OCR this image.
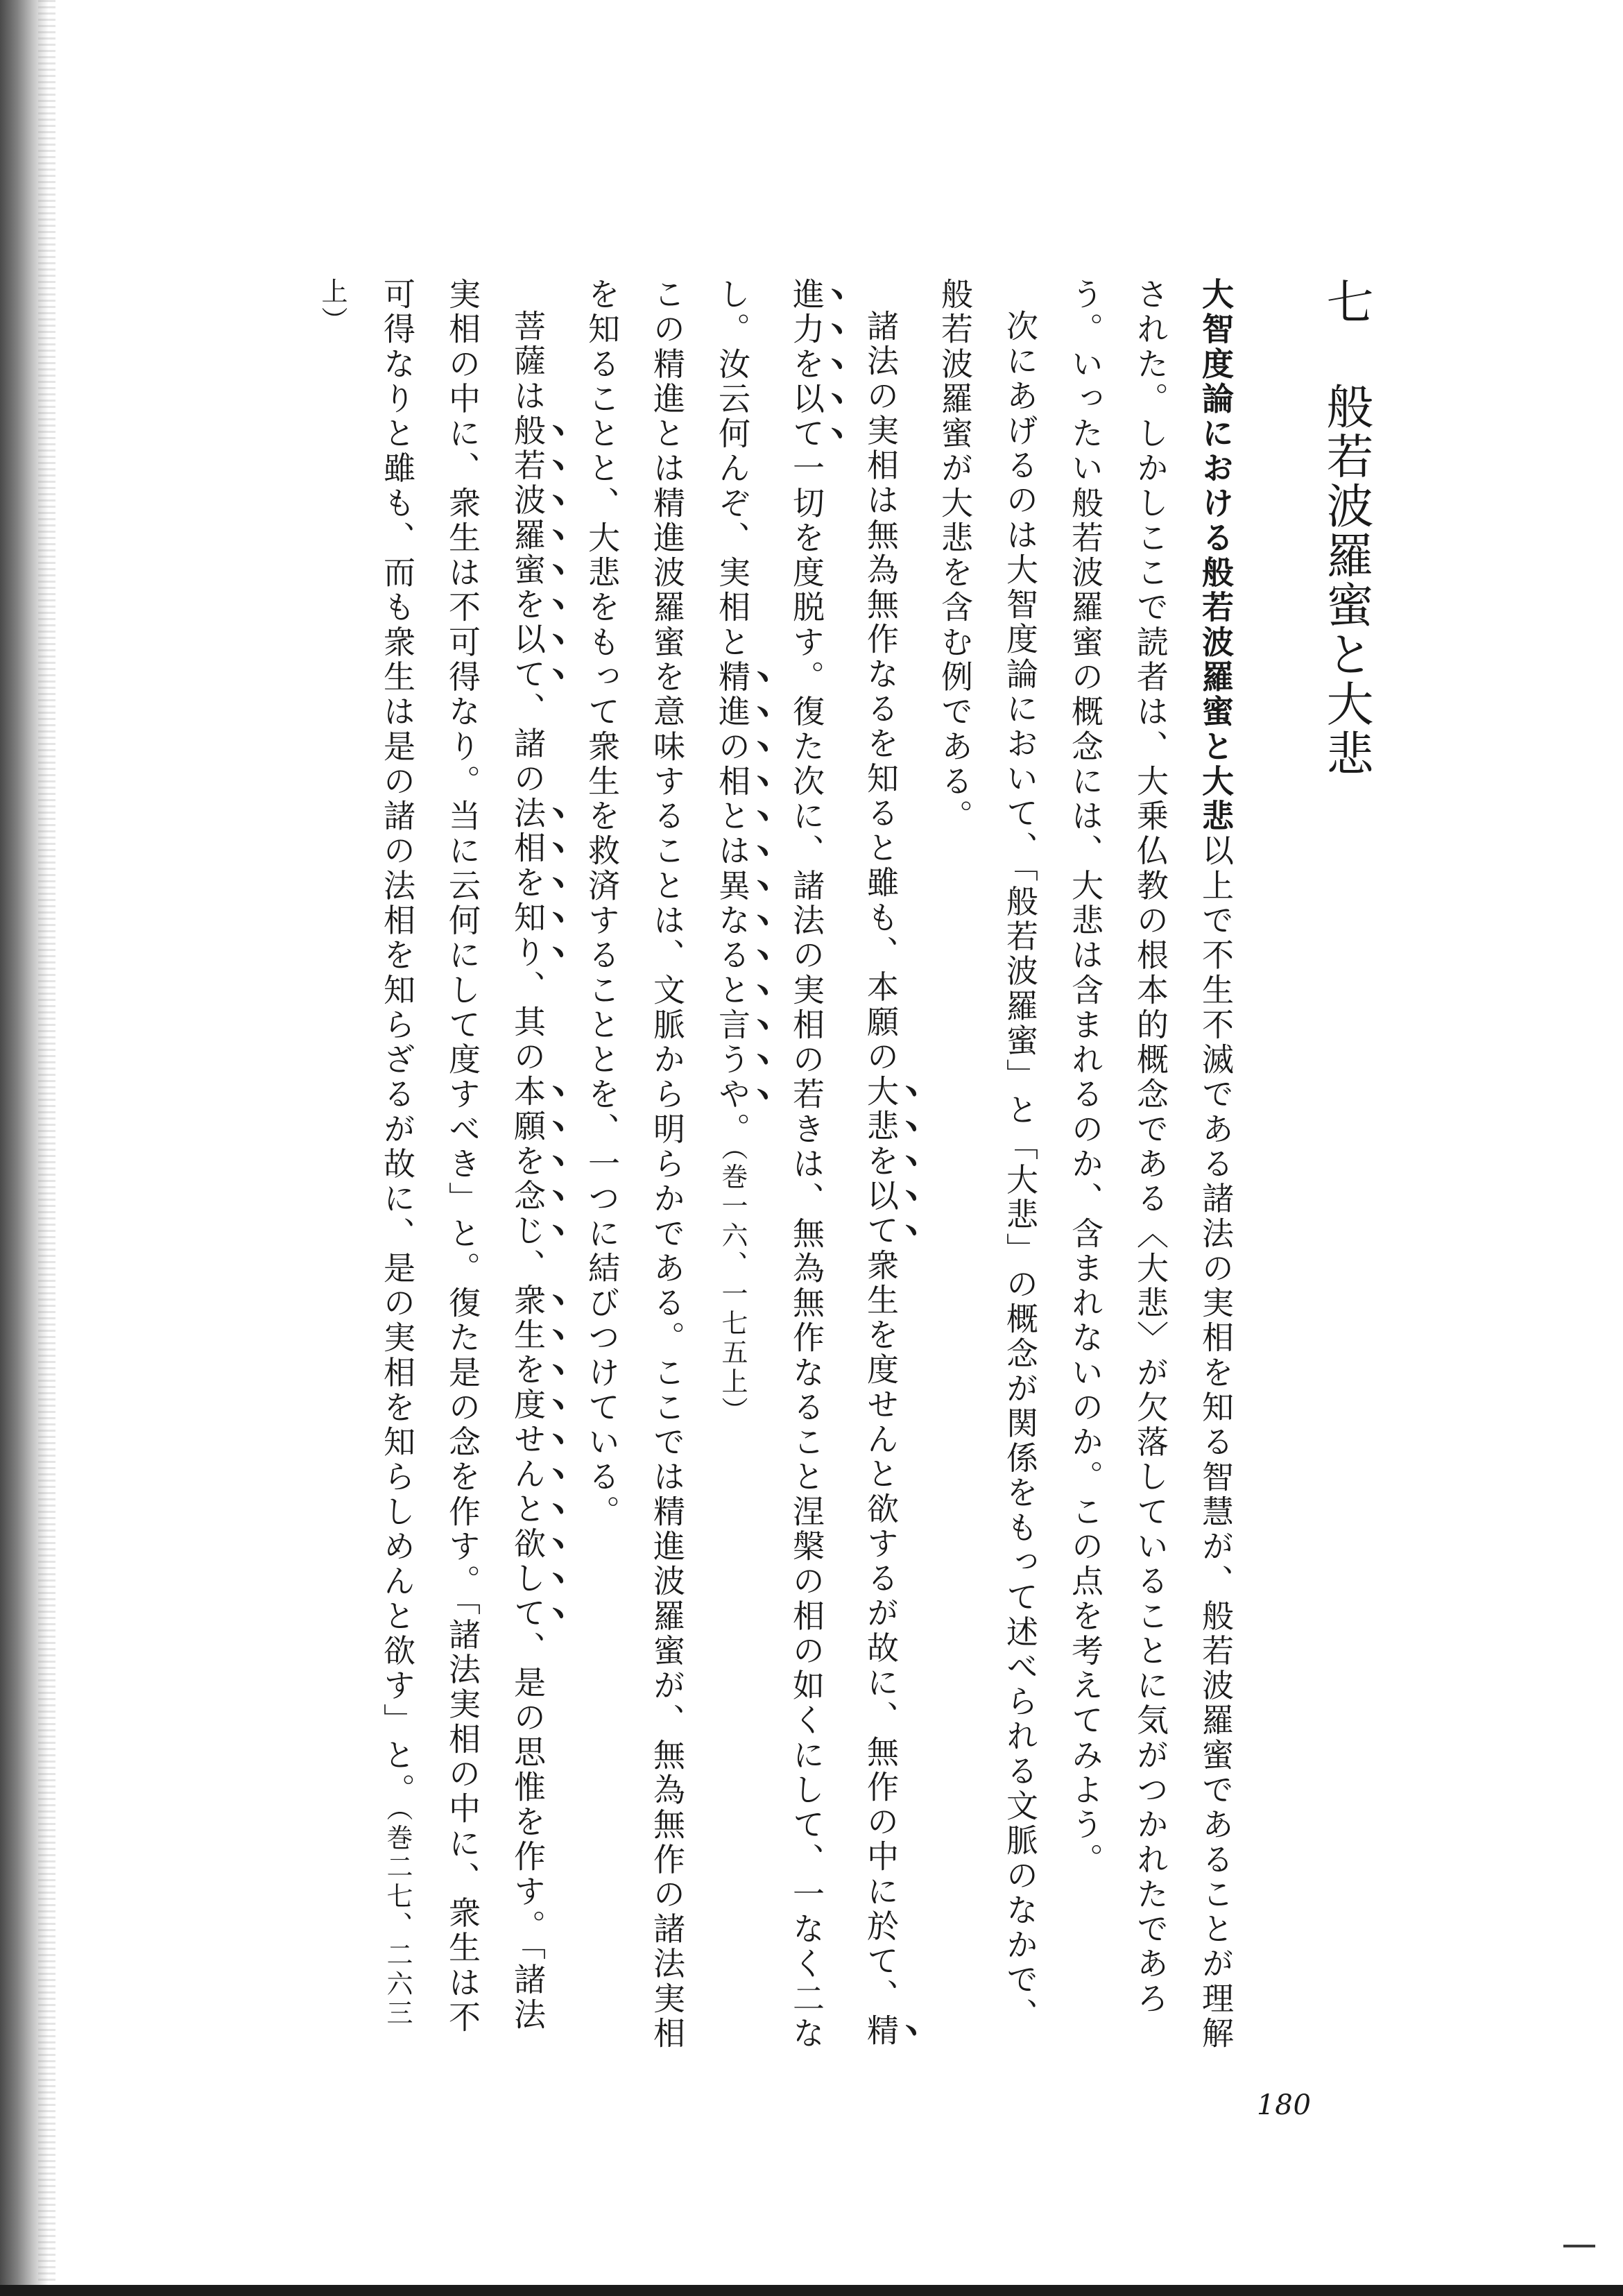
七般若波羅蜜と大悲

大智度論における般若波羅蜜と大悲以上で不生不滅である諸法の実相を知る智慧が、般若波羅蜜であることが理解された。しかしここで読者は、大乗仏教の根本的概念である〈大悲〉が欠落していることに気がつかれたであろう。いったい般若波羅蜜の概念には、大悲は含まれるのか、含まれないのか。この点を考えてみよう。

次にあげるのは大智度論において、「般若波羅蜜」と「大悲」の概念が関係をもって述べられる文脈のなかで、般若波羅蜜が大悲を含む例である。

諸法の実相は無為無作なるを知ると雖も、本願の大悲を以て衆生を度せんと欲するが故に、無作の中に於て、精進力を以て一切を度脱す。復た次に、諸法の実相の若きは、無為無作なること涅槃の相の如くにして、一なく二なし。汝云何んぞ、実相と精進の相とは異なると言うや。（巻一六、一七五上）

この精進とは精進波羅蜜を意味することは、文脈から明らかである。ここでは精進波羅蜜が、無為無作の諸法実相を知ることと、大悲をもって衆生を救済することとを、一つに結びつけている。

菩薩は般若波羅蜜を以て、諸の法相を知り、其の本願を念じ、衆生を度せんと欲して、是の思惟を作す。「諸法実相の中に、衆生は不可得なり。当に云何にして度すべき」と。復た是の念を作す。「諸法実相の中に、衆生は不可得なりと雖も、而も衆生は是の諸の法相を知らざるが故に、是の実相を知らしめんと欲す」と。（巻二七、二六三上）

180
